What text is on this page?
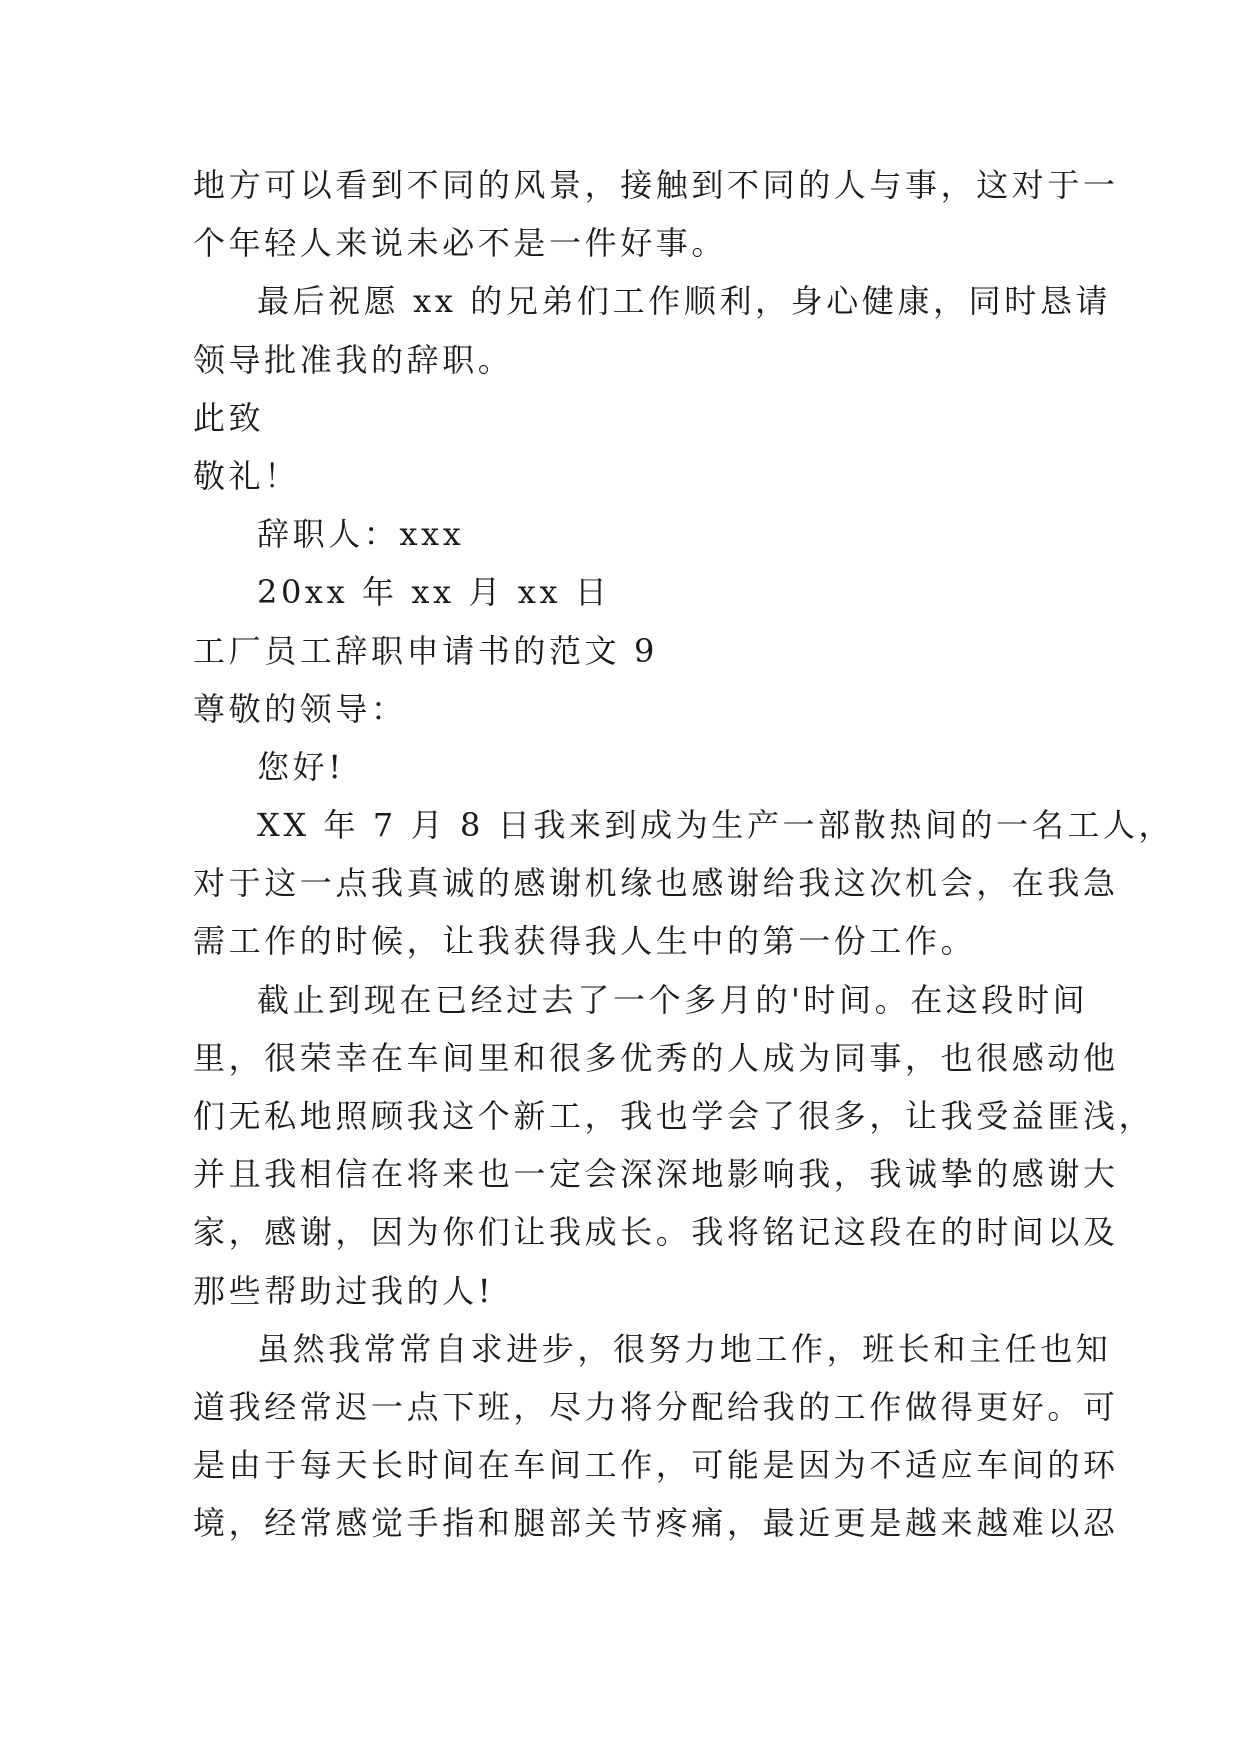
地方可以看到不同的风景，接触到不同的人与事，这对于一
个年轻人来说未必不是一件好事。
最后祝愿 xx 的兄弟们工作顺利，身心健康，同时恳请
领导批准我的辞职。
此致
敬礼！
辞职人：xxx
20xx 年 xx 月 xx 日
工厂员工辞职申请书的范文 9
尊敬的领导：
您好!
XX 年 7 月 8 日我来到成为生产一部散热间的一名工人，
对于这一点我真诚的感谢机缘也感谢给我这次机会，在我急
需工作的时候，让我获得我人生中的第一份工作。
截止到现在已经过去了一个多月的'时间。在这段时间
里，很荣幸在车间里和很多优秀的人成为同事，也很感动他
们无私地照顾我这个新工，我也学会了很多，让我受益匪浅，
并且我相信在将来也一定会深深地影响我，我诚挚的感谢大
家，感谢，因为你们让我成长。我将铭记这段在的时间以及
那些帮助过我的人!
虽然我常常自求进步，很努力地工作，班长和主任也知
道我经常迟一点下班，尽力将分配给我的工作做得更好。可
是由于每天长时间在车间工作，可能是因为不适应车间的环
境，经常感觉手指和腿部关节疼痛，最近更是越来越难以忍
